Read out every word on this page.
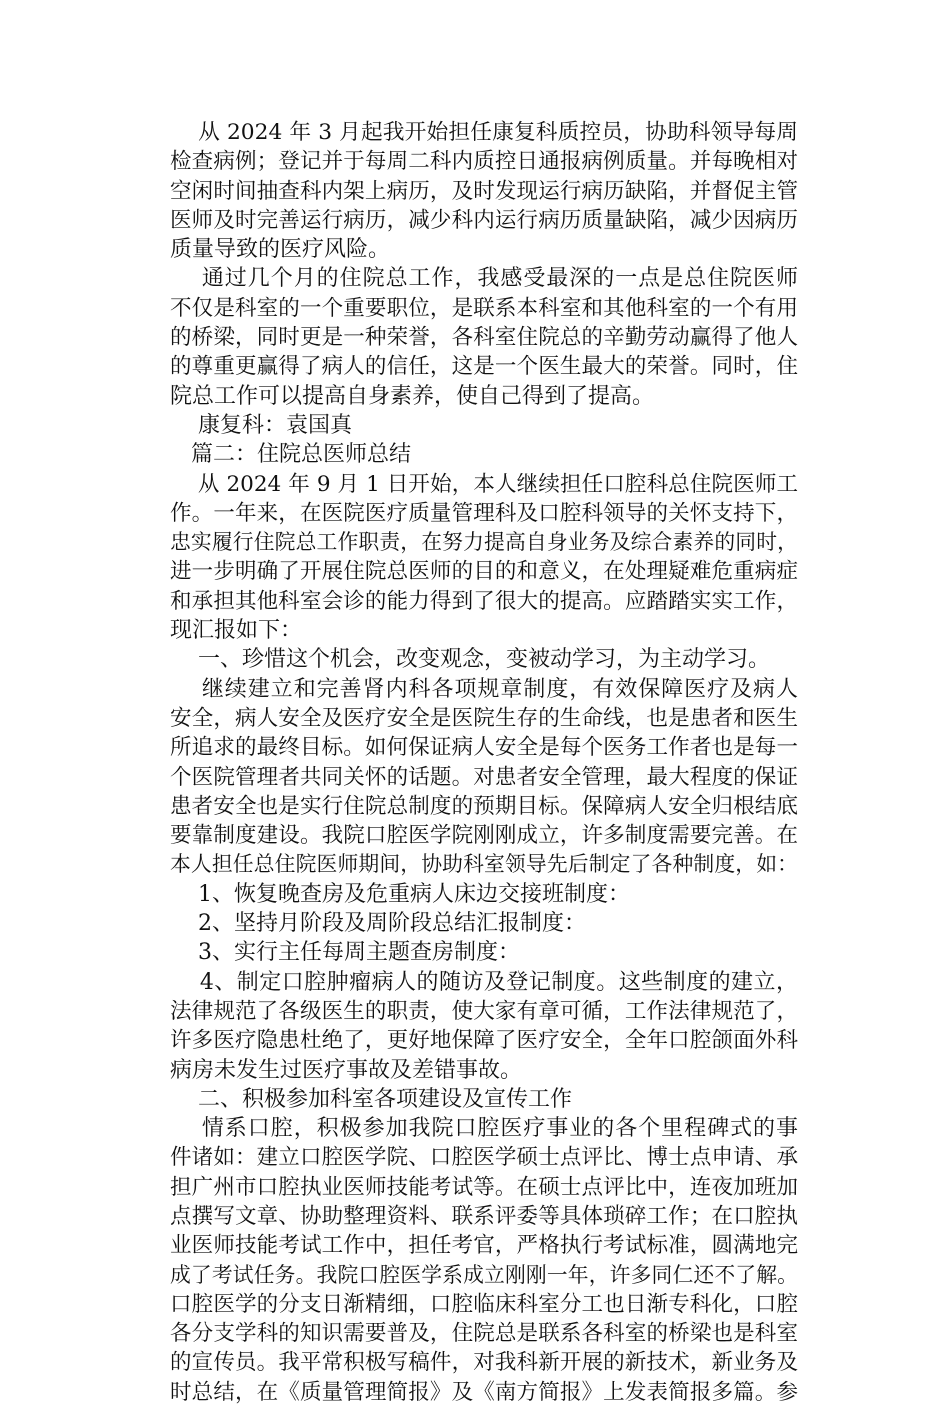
从 2024 年 3 月起我开始担任康复科质控员，协助科领导每周
检查病例；登记并于每周二科内质控日通报病例质量。并每晚相对
空闲时间抽查科内架上病历，及时发现运行病历缺陷，并督促主管
医师及时完善运行病历，减少科内运行病历质量缺陷，减少因病历
质量导致的医疗风险。
通过几个月的住院总工作，我感受最深的一点是总住院医师
不仅是科室的一个重要职位，是联系本科室和其他科室的一个有用
的桥梁，同时更是一种荣誉，各科室住院总的辛勤劳动赢得了他人
的尊重更赢得了病人的信任，这是一个医生最大的荣誉。同时，住
院总工作可以提高自身素养，使自己得到了提高。
康复科：袁国真
篇二：住院总医师总结
从 2024 年 9 月 1 日开始，本人继续担任口腔科总住院医师工
作。一年来，在医院医疗质量管理科及口腔科领导的关怀支持下，
忠实履行住院总工作职责，在努力提高自身业务及综合素养的同时，
进一步明确了开展住院总医师的目的和意义，在处理疑难危重病症
和承担其他科室会诊的能力得到了很大的提高。应踏踏实实工作，
现汇报如下：
一、珍惜这个机会，改变观念，变被动学习，为主动学习。
继续建立和完善肾内科各项规章制度，有效保障医疗及病人
安全，病人安全及医疗安全是医院生存的生命线，也是患者和医生
所追求的最终目标。如何保证病人安全是每个医务工作者也是每一
个医院管理者共同关怀的话题。对患者安全管理，最大程度的保证
患者安全也是实行住院总制度的预期目标。保障病人安全归根结底
要靠制度建设。我院口腔医学院刚刚成立，许多制度需要完善。在
本人担任总住院医师期间，协助科室领导先后制定了各种制度，如：
1、恢复晚查房及危重病人床边交接班制度：
2、坚持月阶段及周阶段总结汇报制度：
3、实行主任每周主题查房制度：
4、制定口腔肿瘤病人的随访及登记制度。这些制度的建立，
法律规范了各级医生的职责，使大家有章可循，工作法律规范了，
许多医疗隐患杜绝了，更好地保障了医疗安全，全年口腔颌面外科
病房未发生过医疗事故及差错事故。
二、积极参加科室各项建设及宣传工作
情系口腔，积极参加我院口腔医疗事业的各个里程碑式的事
件诸如：建立口腔医学院、口腔医学硕士点评比、博士点申请、承
担广州市口腔执业医师技能考试等。在硕士点评比中，连夜加班加
点撰写文章、协助整理资料、联系评委等具体琐碎工作；在口腔执
业医师技能考试工作中，担任考官，严格执行考试标准，圆满地完
成了考试任务。我院口腔医学系成立刚刚一年，许多同仁还不了解。
口腔医学的分支日渐精细，口腔临床科室分工也日渐专科化，口腔
各分支学科的知识需要普及，住院总是联系各科室的桥梁也是科室
的宣传员。我平常积极写稿件，对我科新开展的新技术，新业务及
时总结，在《质量管理简报》及《南方简报》上发表简报多篇。参
